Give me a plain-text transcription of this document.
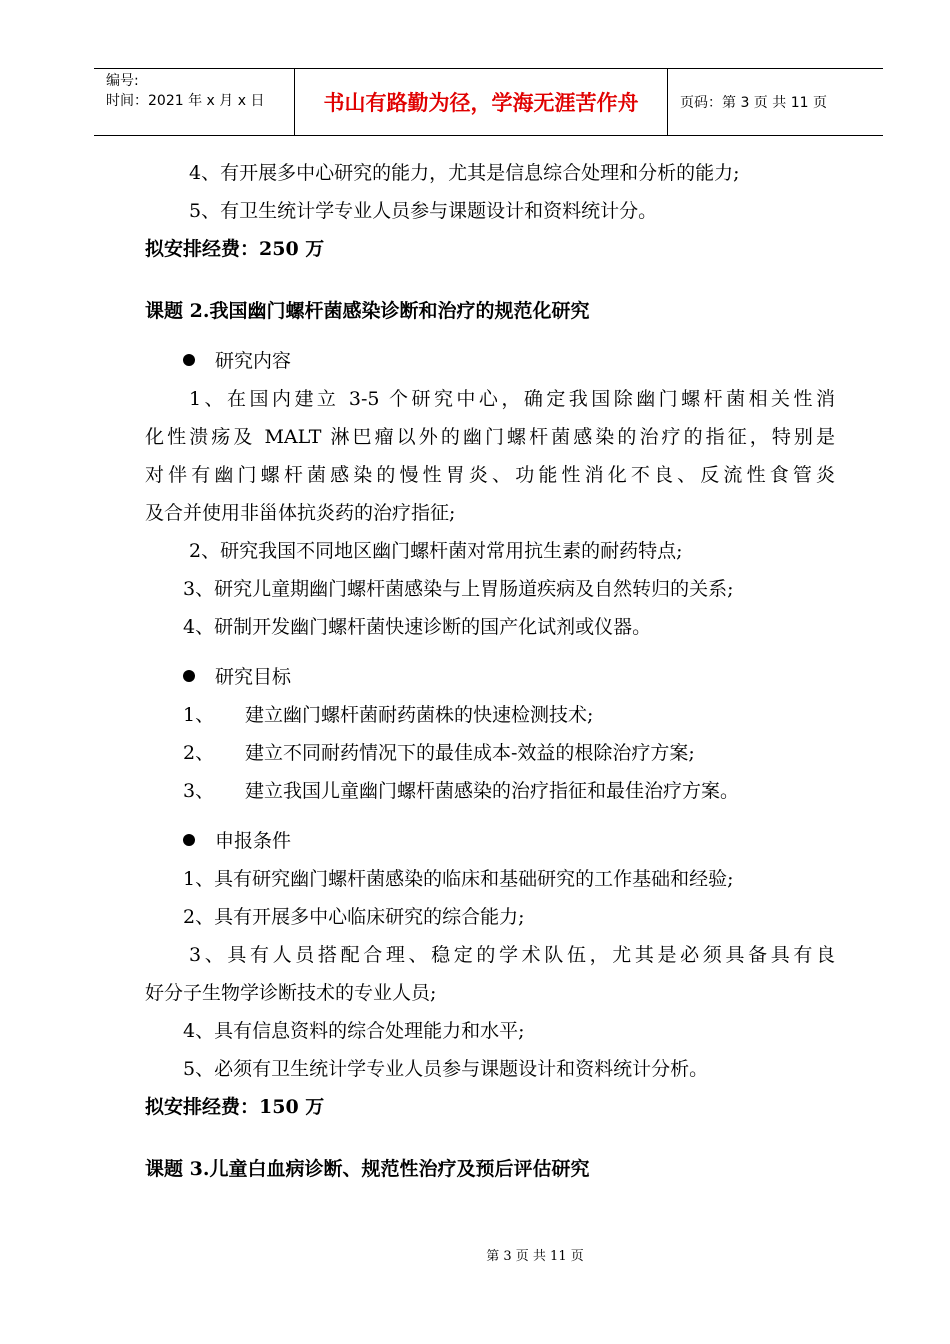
编号:
时间：2021 年 x 月 x 日	书山有路勤为径，学海无涯苦作舟	页码：第 3 页 共 11 页
4、有开展多中心研究的能力，尤其是信息综合处理和分析的能力;
5、有卫生统计学专业人员参与课题设计和资料统计分。
拟安排经费：250 万
课题 2.我国幽门螺杆菌感染诊断和治疗的规范化研究
研究内容
1、在国内建立 3-5 个研究中心，确定我国除幽门螺杆菌相关性消
化性溃疡及 MALT 淋巴瘤以外的幽门螺杆菌感染的治疗的指征，特别是
对伴有幽门螺杆菌感染的慢性胃炎、功能性消化不良、反流性食管炎
及合并使用非甾体抗炎药的治疗指征;
2、研究我国不同地区幽门螺杆菌对常用抗生素的耐药特点;
3、研究儿童期幽门螺杆菌感染与上胃肠道疾病及自然转归的关系;
4、研制开发幽门螺杆菌快速诊断的国产化试剂或仪器。
研究目标
1、 建立幽门螺杆菌耐药菌株的快速检测技术;
2、 建立不同耐药情况下的最佳成本-效益的根除治疗方案;
3、 建立我国儿童幽门螺杆菌感染的治疗指征和最佳治疗方案。
申报条件
1、具有研究幽门螺杆菌感染的临床和基础研究的工作基础和经验;
2、具有开展多中心临床研究的综合能力;
3、具有人员搭配合理、稳定的学术队伍，尤其是必须具备具有良
好分子生物学诊断技术的专业人员;
4、具有信息资料的综合处理能力和水平;
5、必须有卫生统计学专业人员参与课题设计和资料统计分析。
拟安排经费：150 万
课题 3.儿童白血病诊断、规范性治疗及预后评估研究
第 3 页 共 11 页
